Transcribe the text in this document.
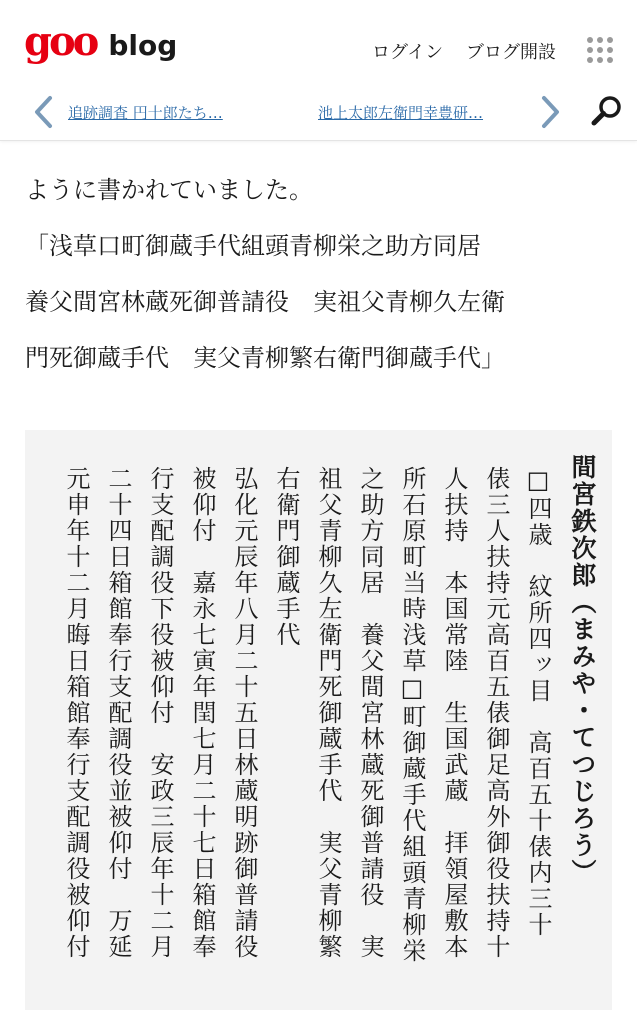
goo blog	ログイン ブログ開設
追跡調査 円十郎たち…	池上太郎左衛門幸豊研…

ように書かれていました。

「浅草口町御蔵手代組頭青柳栄之助方同居

養父間宮林蔵死御普請役　実祖父青柳久左衛

門死御蔵手代　実父青柳繁右衛門御蔵手代」

間宮鉄次郎（まみや・てつじろう）
□四歳　紋所四ッ目　高百五十俵内三十
俵三人扶持元高百五俵御足高外御役扶持十
人扶持　本国常陸　生国武蔵　拝領屋敷本
所石原町当時浅草□町御蔵手代組頭青柳栄
之助方同居　養父間宮林蔵死御普請役　実
祖父青柳久左衛門死御蔵手代　実父青柳繁
右衛門御蔵手代
弘化元辰年八月二十五日林蔵明跡御普請役
被仰付　嘉永七寅年閏七月二十七日箱館奉
行支配調役下役被仰付　安政三辰年十二月
二十四日箱館奉行支配調役並被仰付　万延
元申年十二月晦日箱館奉行支配調役被仰付
